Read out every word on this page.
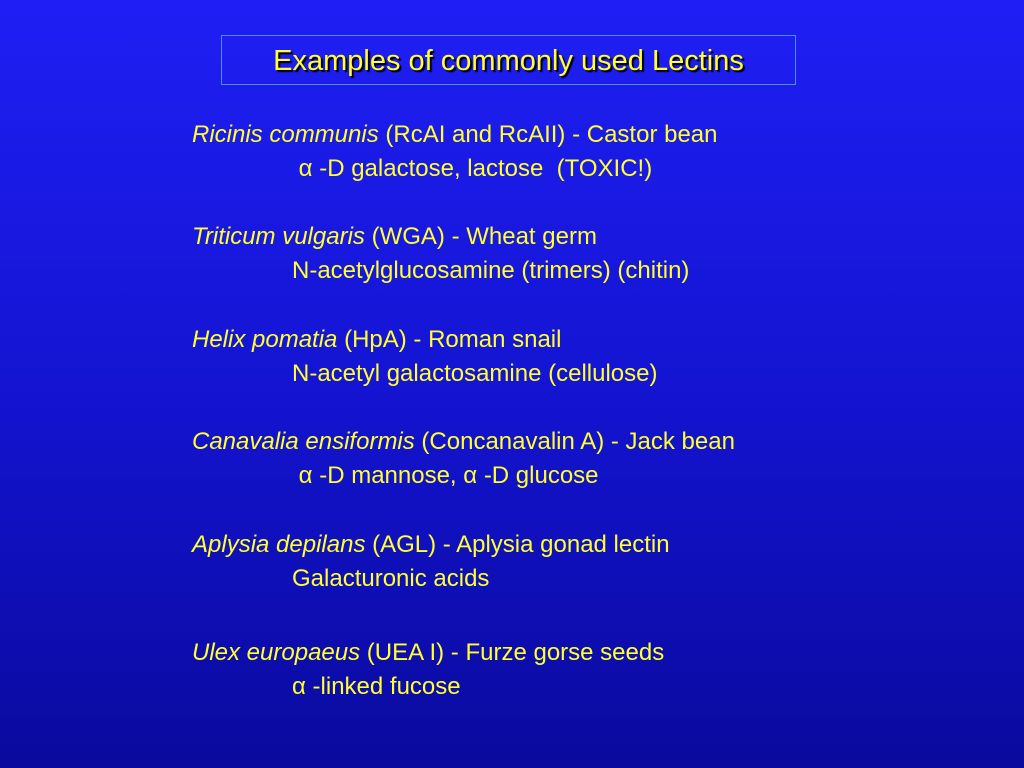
Examples of commonly used Lectins
Ricinis communis (RcAI and RcAII) - Castor bean
α -D galactose, lactose  (TOXIC!)
Triticum vulgaris (WGA) - Wheat germ
N-acetylglucosamine (trimers) (chitin)
Helix pomatia (HpA) - Roman snail
N-acetyl galactosamine (cellulose)
Canavalia ensiformis (Concanavalin A) - Jack bean
α -D mannose, α -D glucose
Aplysia depilans (AGL) - Aplysia gonad lectin
Galacturonic acids
Ulex europaeus (UEA I) - Furze gorse seeds
α -linked fucose
